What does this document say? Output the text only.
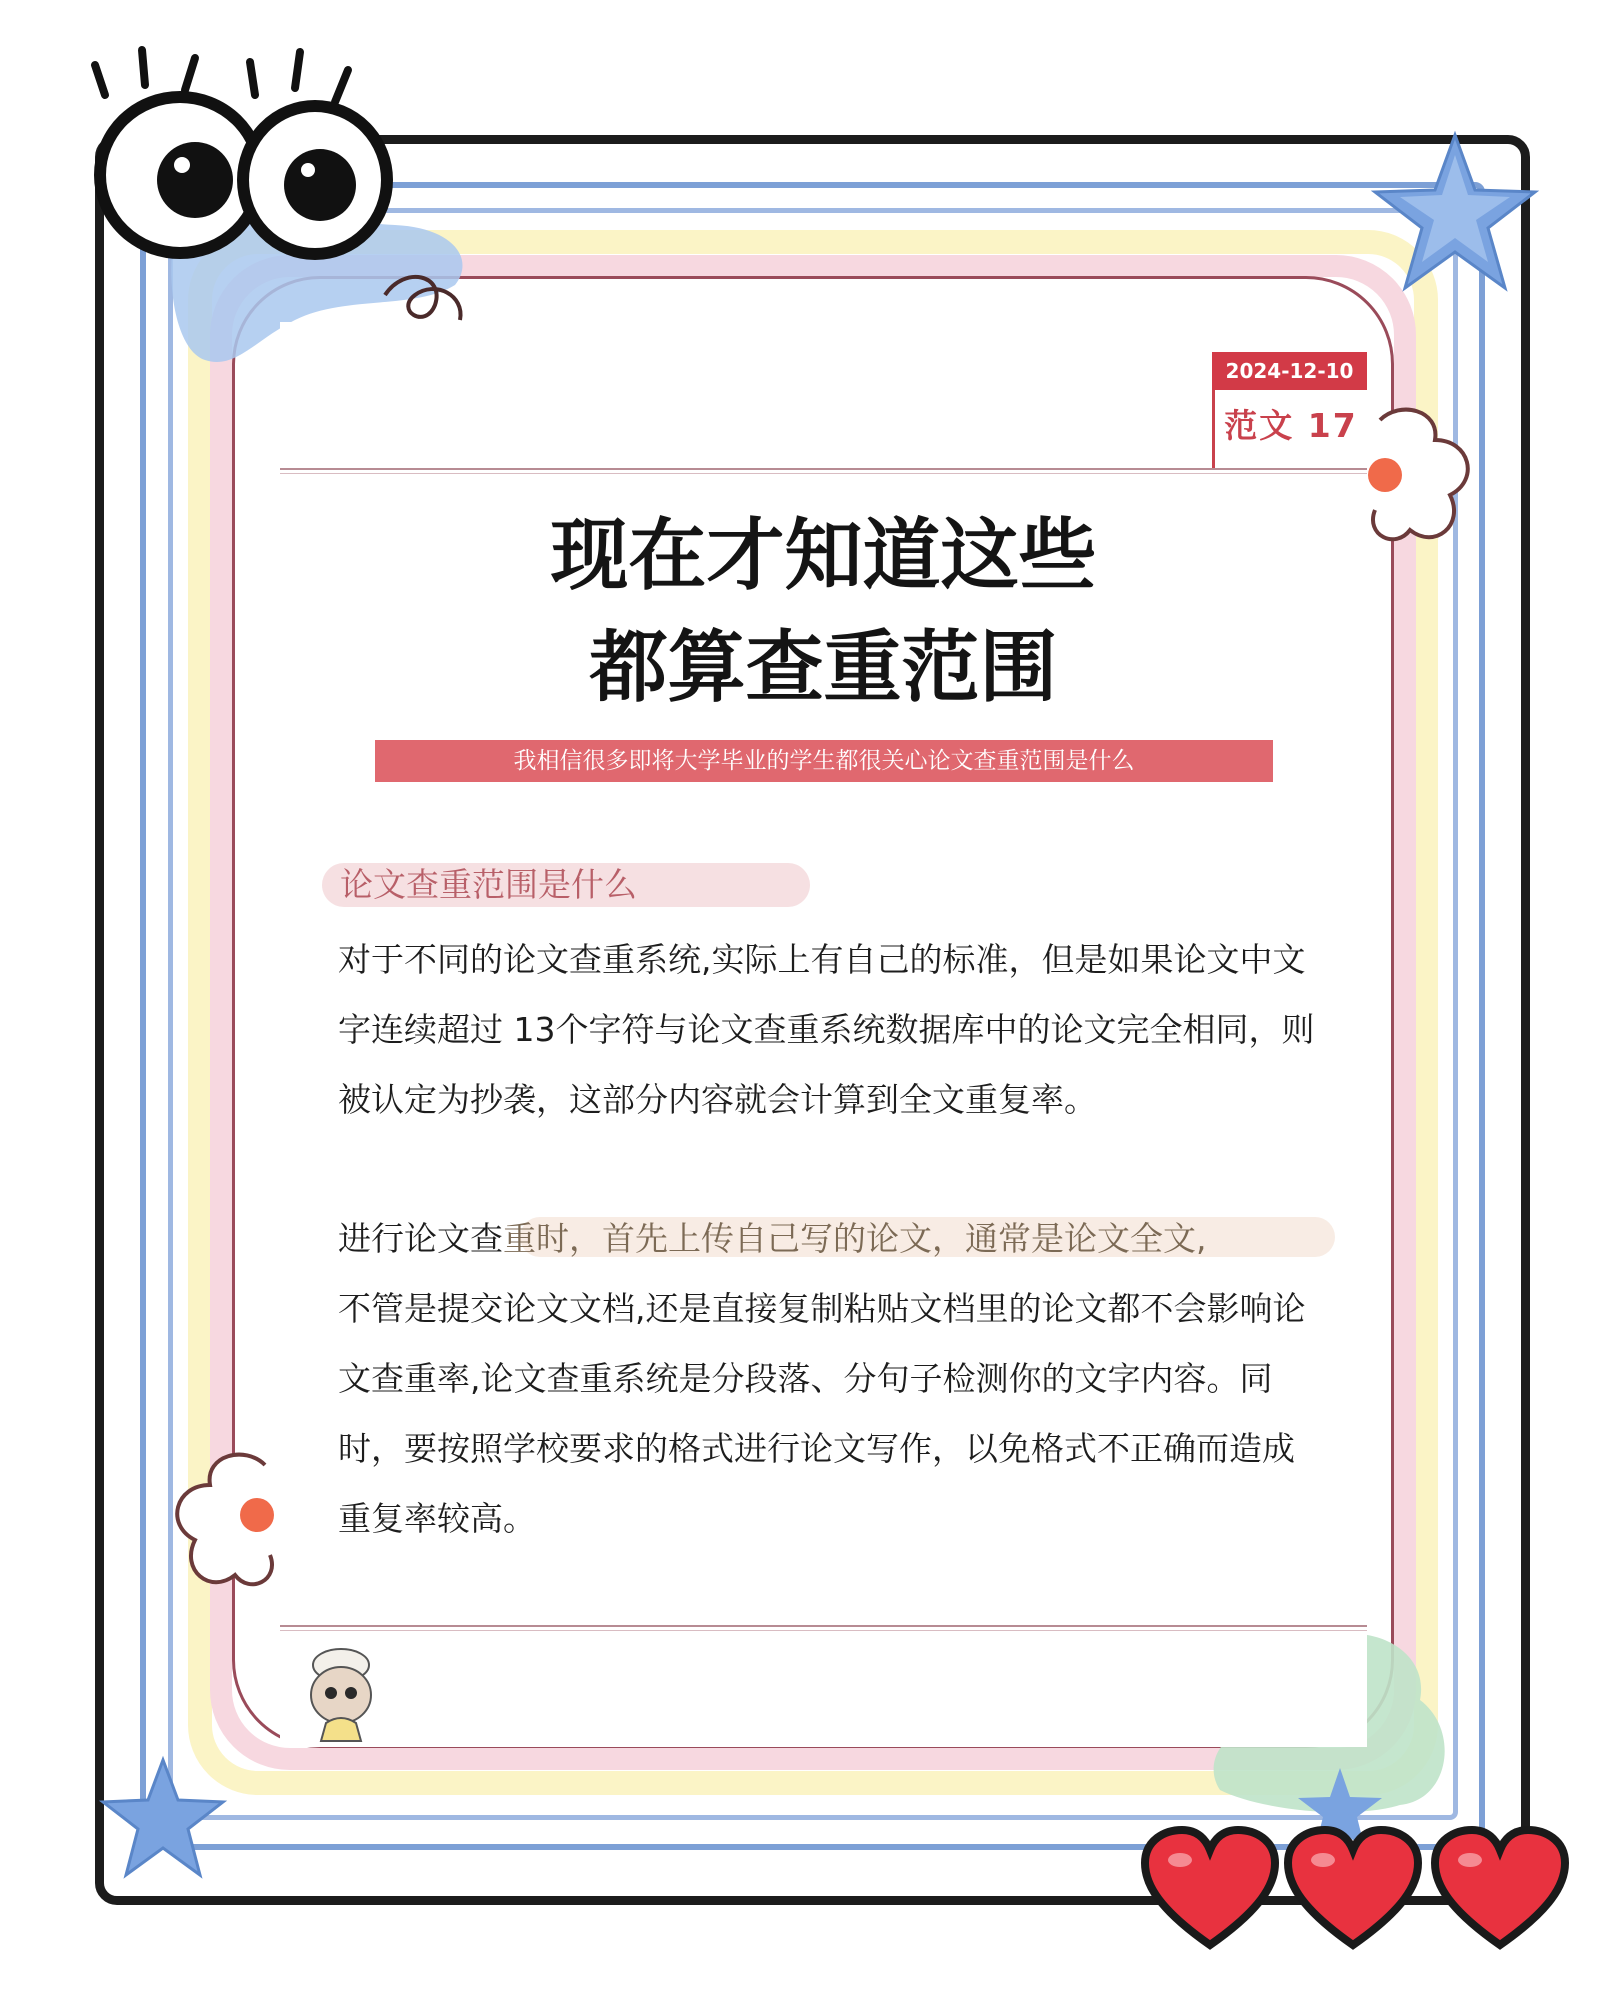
2024-12-10
范文 17
现在才知道这些
都算查重范围
我相信很多即将大学毕业的学生都很关心论文查重范围是什么
论文查重范围是什么
对于不同的论文查重系统,实际上有自己的标准，但是如果论文中文字连续超过 13个字符与论文查重系统数据库中的论文完全相同，则被认定为抄袭，这部分内容就会计算到全文重复率。
进行论文查重时，首先上传自己写的论文，通常是论文全文,
不管是提交论文文档,还是直接复制粘贴文档里的论文都不会影响论文查重率,论文查重系统是分段落、分句子检测你的文字内容。同时，要按照学校要求的格式进行论文写作，以免格式不正确而造成重复率较高。
